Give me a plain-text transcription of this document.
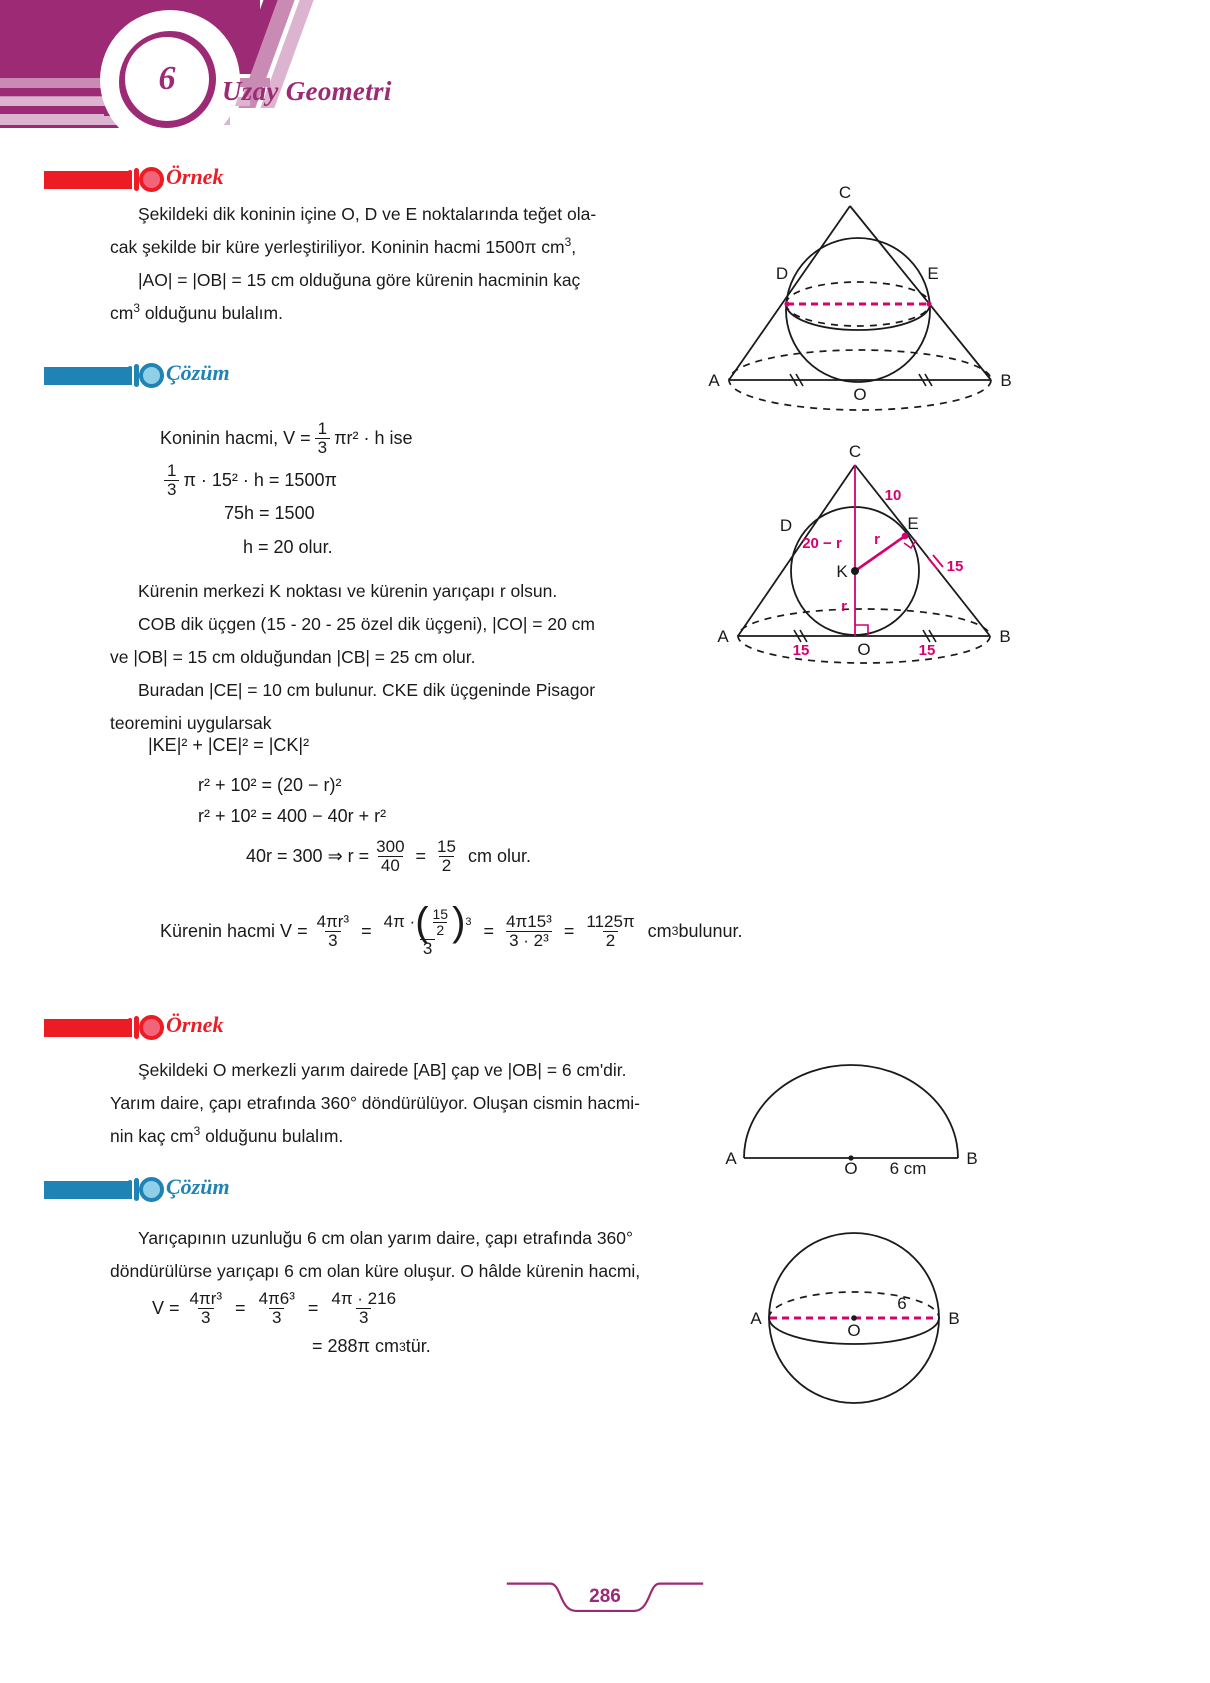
6	Uzay Geometri
Örnek
Şekildeki dik koninin içine O, D ve E noktalarında teğet ola-
cak şekilde bir küre yerleştiriliyor. Koninin hacmi 1500π $cm^3$,
|AO| = |OB| = 15 cm olduğuna göre kürenin hacminin kaç
$cm^3$ olduğunu bulalım.
C
D	E
A	B
O
Çözüm
C
D	E
K
A	B
O
10
20 − r r
r
15
15	15
Koninin hacmi, $V = \frac{1}{3} \pi r^2 \cdot h$ ise
$\frac{1}{3}$ π · 15² · h = 1500π
75h = 1500
h = 20 olur.
Kürenin merkezi K noktası ve kürenin yarıçapı r olsun.
COB dik üçgen (15 - 20 - 25 özel dik üçgeni), |CO| = 20 cm
ve |OB| = 15 cm olduğundan |CB| = 25 cm olur.
Buradan |CE| = 10 cm bulunur. CKE dik üçgeninde Pisagor
teoremini uygularsak
|KE|² + |CE|² = |CK|²
r² + 10² = (20 − r)²
r² + 10² = 400 − 40r + r²
40r = 300 ⇒ $r = \frac{300}{40} = \frac{15}{2}$ cm olur.
Kürenin hacmi $V = \frac{\text{4πr³}}{3} = 4\pi$ · ( $\frac{15}{2}$ ) 3
3
= $\frac{\text{4π15³}}{\text{3 · 2³}} = \frac{1125\pi}{2}$ cm 3 bulunur.
Örnek
Şekildeki O merkezli yarım dairede [AB] çap ve |OB| = 6 cm'dir.
Yarım daire, çapı etrafında 360° döndürülüyor. Oluşan cismin hacmi-
nin kaç $cm^3$ olduğunu bulalım.
A	B
O 6 cm
Çözüm
Yarıçapının uzunluğu 6 cm olan yarım daire, çapı etrafında 360°
döndürülürse yarıçapı 6 cm olan küre oluşur. O hâlde kürenin hacmi,
$V = \frac{\text{4πr³}}{3} = \frac{\text{4π6³}}{3} = \frac{4\pi \cdot 216}{3}$
= 288π cm 3 tür.
A	B
O
6
286
